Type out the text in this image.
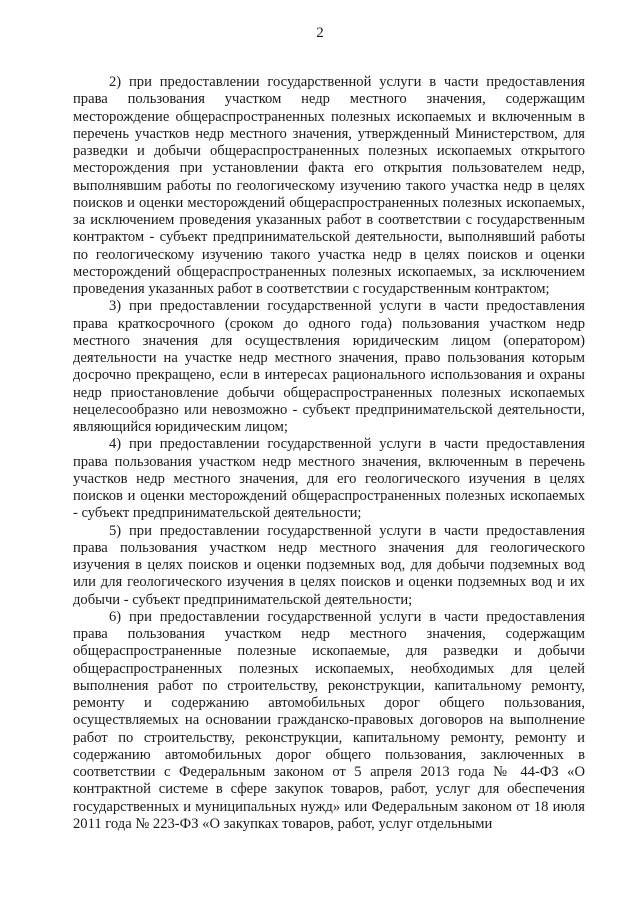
2

2) при предоставлении государственной услуги в части предоставления права пользования участком недр местного значения, содержащим месторождение общераспространенных полезных ископаемых и включенным в перечень участков недр местного значения, утвержденный Министерством, для разведки и добычи общераспространенных полезных ископаемых открытого месторождения при установлении факта его открытия пользователем недр, выполнявшим работы по геологическому изучению такого участка недр в целях поисков и оценки месторождений общераспространенных полезных ископаемых, за исключением проведения указанных работ в соответствии с государственным контрактом - субъект предпринимательской деятельности, выполнявший работы по геологическому изучению такого участка недр в целях поисков и оценки месторождений общераспространенных полезных ископаемых, за исключением проведения указанных работ в соответствии с государственным контрактом;

3) при предоставлении государственной услуги в части предоставления права краткосрочного (сроком до одного года) пользования участком недр местного значения для осуществления юридическим лицом (оператором) деятельности на участке недр местного значения, право пользования которым досрочно прекращено, если в интересах рационального использования и охраны недр приостановление добычи общераспространенных полезных ископаемых нецелесообразно или невозможно - субъект предпринимательской деятельности, являющийся юридическим лицом;

4) при предоставлении государственной услуги в части предоставления права пользования участком недр местного значения, включенным в перечень участков недр местного значения, для его геологического изучения в целях поисков и оценки месторождений общераспространенных полезных ископаемых - субъект предпринимательской деятельности;

5) при предоставлении государственной услуги в части предоставления права пользования участком недр местного значения для геологического изучения в целях поисков и оценки подземных вод, для добычи подземных вод или для геологического изучения в целях поисков и оценки подземных вод и их добычи - субъект предпринимательской деятельности;

6) при предоставлении государственной услуги в части предоставления права пользования участком недр местного значения, содержащим общераспространенные полезные ископаемые, для разведки и добычи общераспространенных полезных ископаемых, необходимых для целей выполнения работ по строительству, реконструкции, капитальному ремонту, ремонту и содержанию автомобильных дорог общего пользования, осуществляемых на основании гражданско-правовых договоров на выполнение работ по строительству, реконструкции, капитальному ремонту, ремонту и содержанию автомобильных дорог общего пользования, заключенных в соответствии с Федеральным законом от 5 апреля 2013 года № 44-ФЗ «О контрактной системе в сфере закупок товаров, работ, услуг для обеспечения государственных и муниципальных нужд» или Федеральным законом от 18 июля 2011 года № 223-ФЗ «О закупках товаров, работ, услуг отдельными
